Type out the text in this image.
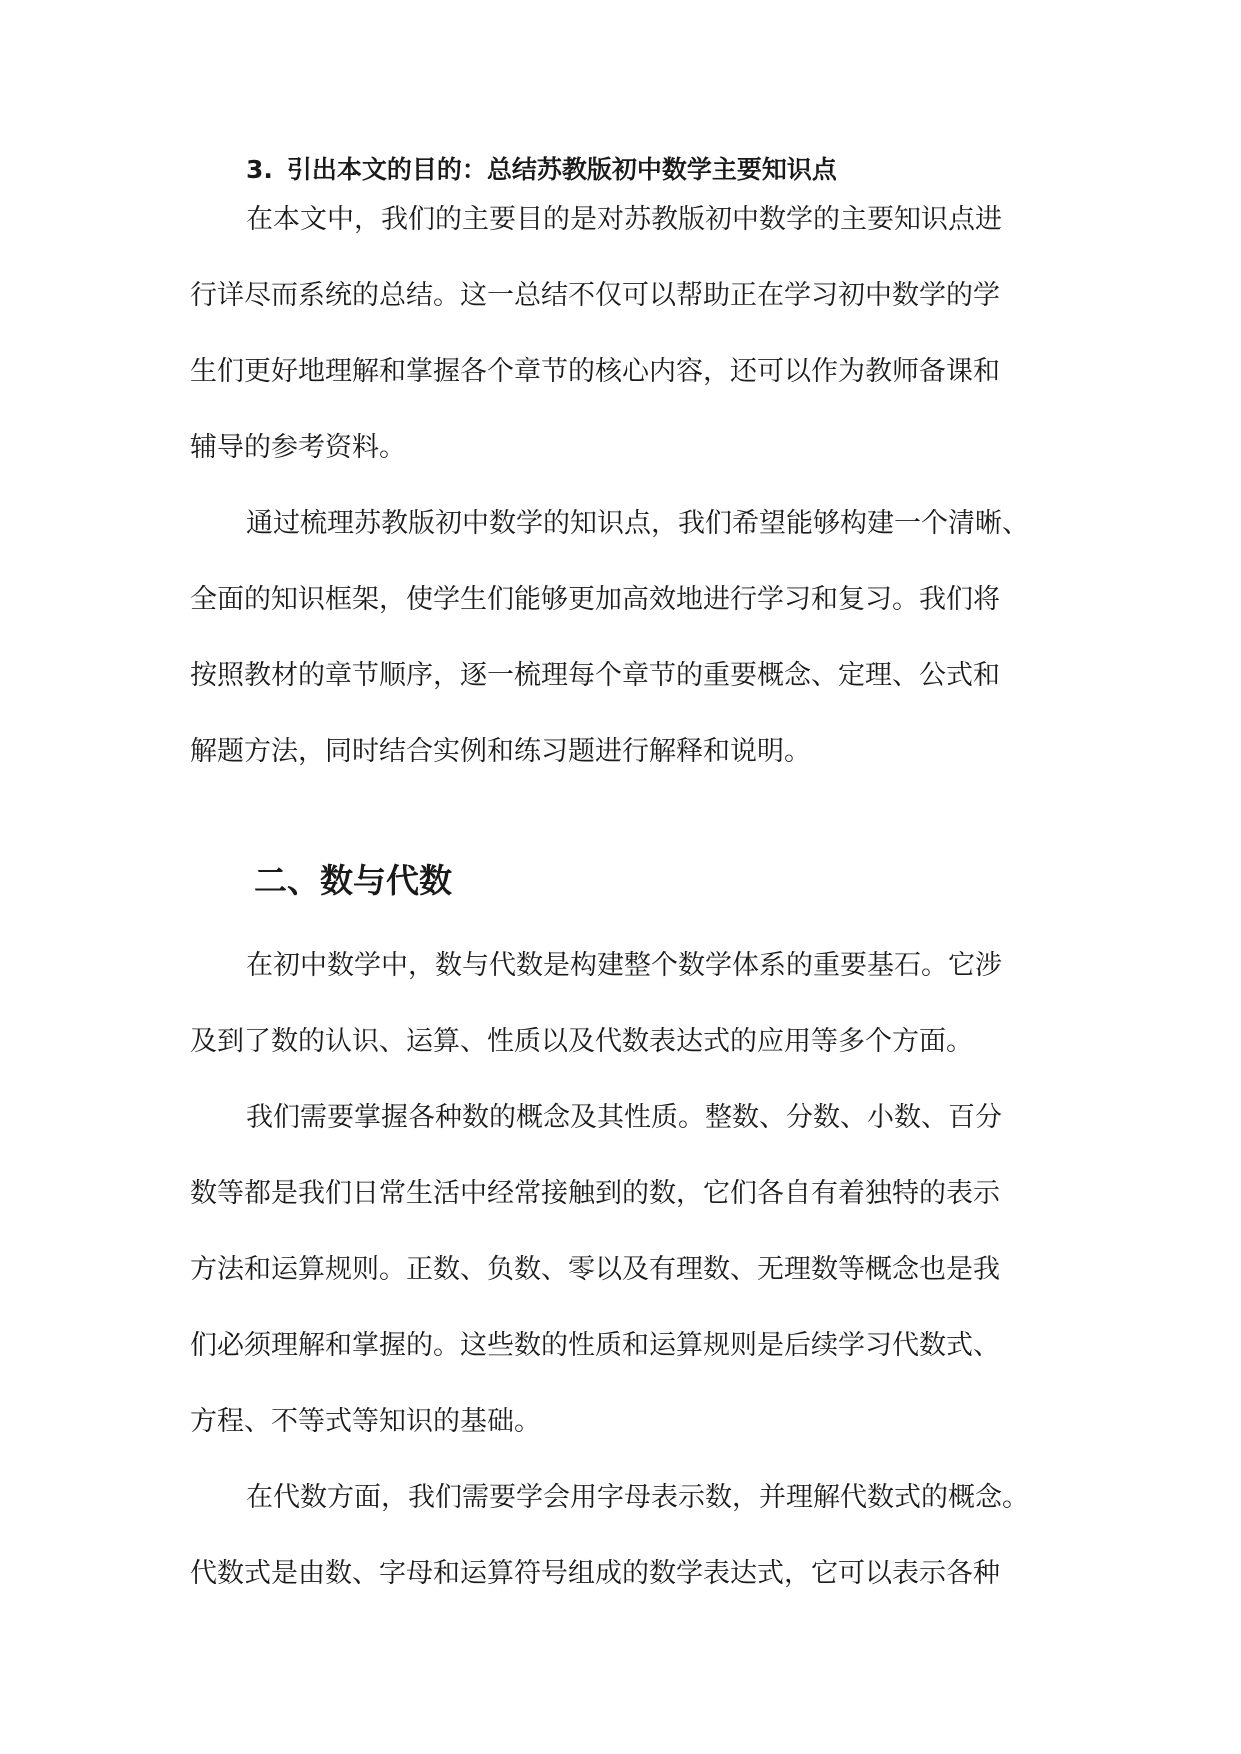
3. 引出本文的目的：总结苏教版初中数学主要知识点

在本文中，我们的主要目的是对苏教版初中数学的主要知识点进
行详尽而系统的总结。这一总结不仅可以帮助正在学习初中数学的学
生们更好地理解和掌握各个章节的核心内容，还可以作为教师备课和
辅导的参考资料。

通过梳理苏教版初中数学的知识点，我们希望能够构建一个清晰、
全面的知识框架，使学生们能够更加高效地进行学习和复习。我们将
按照教材的章节顺序，逐一梳理每个章节的重要概念、定理、公式和
解题方法，同时结合实例和练习题进行解释和说明。

二、数与代数

在初中数学中，数与代数是构建整个数学体系的重要基石。它涉
及到了数的认识、运算、性质以及代数表达式的应用等多个方面。

我们需要掌握各种数的概念及其性质。整数、分数、小数、百分
数等都是我们日常生活中经常接触到的数，它们各自有着独特的表示
方法和运算规则。正数、负数、零以及有理数、无理数等概念也是我
们必须理解和掌握的。这些数的性质和运算规则是后续学习代数式、
方程、不等式等知识的基础。

在代数方面，我们需要学会用字母表示数，并理解代数式的概念。
代数式是由数、字母和运算符号组成的数学表达式，它可以表示各种
